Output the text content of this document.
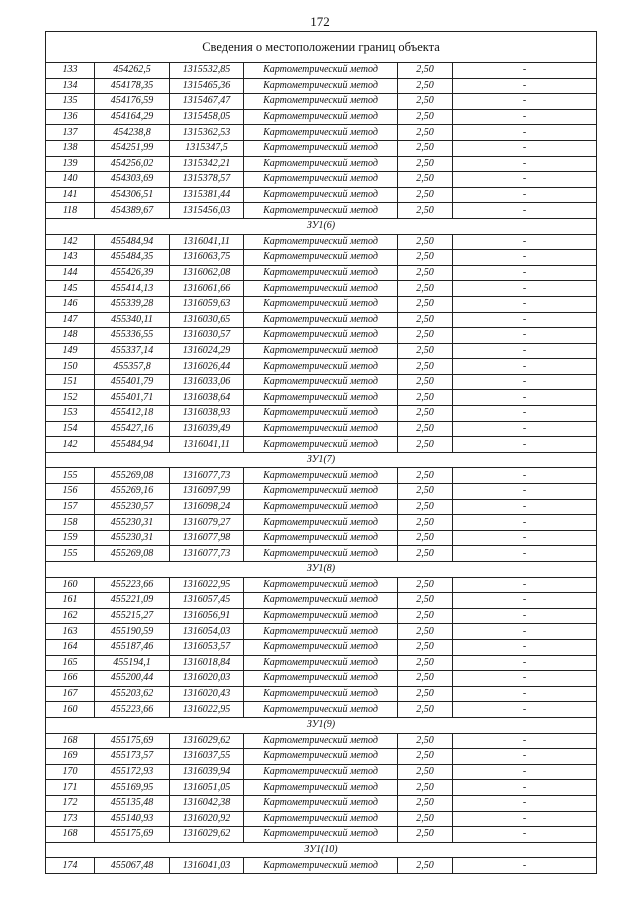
172
Сведения о местоположении границ объекта					
133	454262,5	1315532,85	Картометрический метод	2,50	-
134	454178,35	1315465,36	Картометрический метод	2,50	-
135	454176,59	1315467,47	Картометрический метод	2,50	-
136	454164,29	1315458,05	Картометрический метод	2,50	-
137	454238,8	1315362,53	Картометрический метод	2,50	-
138	454251,99	1315347,5	Картометрический метод	2,50	-
139	454256,02	1315342,21	Картометрический метод	2,50	-
140	454303,69	1315378,57	Картометрический метод	2,50	-
141	454306,51	1315381,44	Картометрический метод	2,50	-
118	454389,67	1315456,03	Картометрический метод	2,50	-
ЗУ1(6)					
142	455484,94	1316041,11	Картометрический метод	2,50	-
143	455484,35	1316063,75	Картометрический метод	2,50	-
144	455426,39	1316062,08	Картометрический метод	2,50	-
145	455414,13	1316061,66	Картометрический метод	2,50	-
146	455339,28	1316059,63	Картометрический метод	2,50	-
147	455340,11	1316030,65	Картометрический метод	2,50	-
148	455336,55	1316030,57	Картометрический метод	2,50	-
149	455337,14	1316024,29	Картометрический метод	2,50	-
150	455357,8	1316026,44	Картометрический метод	2,50	-
151	455401,79	1316033,06	Картометрический метод	2,50	-
152	455401,71	1316038,64	Картометрический метод	2,50	-
153	455412,18	1316038,93	Картометрический метод	2,50	-
154	455427,16	1316039,49	Картометрический метод	2,50	-
142	455484,94	1316041,11	Картометрический метод	2,50	-
ЗУ1(7)					
155	455269,08	1316077,73	Картометрический метод	2,50	-
156	455269,16	1316097,99	Картометрический метод	2,50	-
157	455230,57	1316098,24	Картометрический метод	2,50	-
158	455230,31	1316079,27	Картометрический метод	2,50	-
159	455230,31	1316077,98	Картометрический метод	2,50	-
155	455269,08	1316077,73	Картометрический метод	2,50	-
ЗУ1(8)					
160	455223,66	1316022,95	Картометрический метод	2,50	-
161	455221,09	1316057,45	Картометрический метод	2,50	-
162	455215,27	1316056,91	Картометрический метод	2,50	-
163	455190,59	1316054,03	Картометрический метод	2,50	-
164	455187,46	1316053,57	Картометрический метод	2,50	-
165	455194,1	1316018,84	Картометрический метод	2,50	-
166	455200,44	1316020,03	Картометрический метод	2,50	-
167	455203,62	1316020,43	Картометрический метод	2,50	-
160	455223,66	1316022,95	Картометрический метод	2,50	-
ЗУ1(9)					
168	455175,69	1316029,62	Картометрический метод	2,50	-
169	455173,57	1316037,55	Картометрический метод	2,50	-
170	455172,93	1316039,94	Картометрический метод	2,50	-
171	455169,95	1316051,05	Картометрический метод	2,50	-
172	455135,48	1316042,38	Картометрический метод	2,50	-
173	455140,93	1316020,92	Картометрический метод	2,50	-
168	455175,69	1316029,62	Картометрический метод	2,50	-
ЗУ1(10)					
174	455067,48	1316041,03	Картометрический метод	2,50	-
